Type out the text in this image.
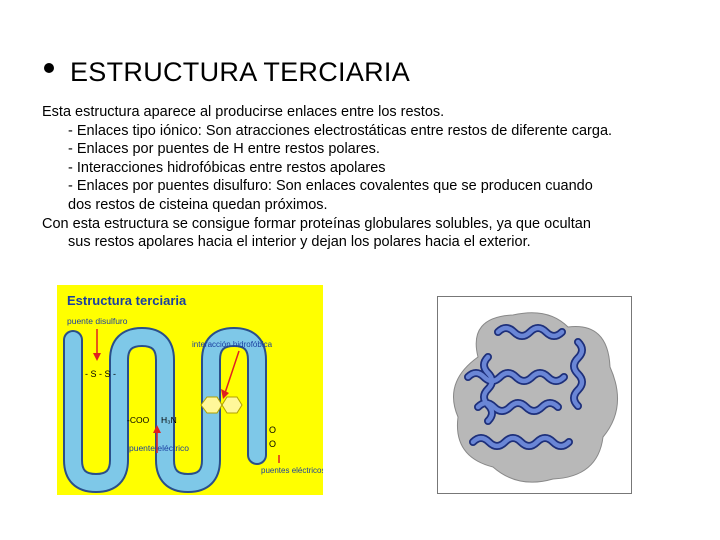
ESTRUCTURA TERCIARIA

Esta estructura aparece al producirse enlaces entre los restos.

- Enlaces tipo iónico: Son atracciones electrostáticas entre restos de diferente carga.

- Enlaces por puentes de H entre restos polares.

- Interacciones hidrofóbicas entre restos apolares

- Enlaces por puentes disulfuro: Son enlaces covalentes que se producen cuando

dos restos de cisteina quedan próximos.

Con esta estructura se consigue formar proteínas globulares solubles, ya que ocultan

sus restos apolares hacia el interior y dejan los polares hacia el exterior.

Estructura terciaria
puente disulfuro
- S - S -
interacción hidrofóbica
-COO H₃N
puente eléctrico
O
O
puentes eléctricos
